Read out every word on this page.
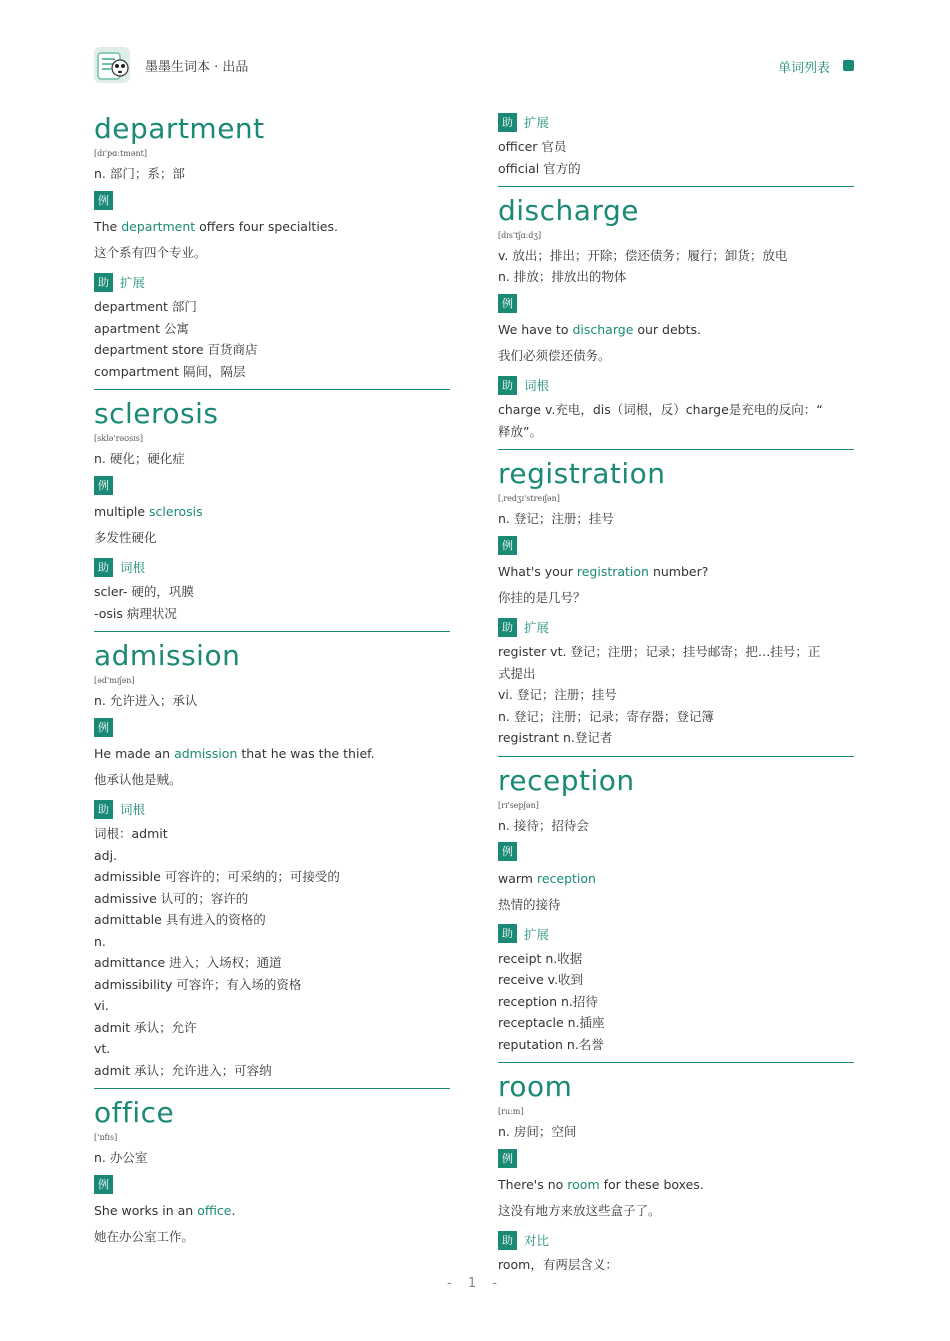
墨墨生词本 · 出品	单词列表
department
[dɪ'pɑːtmənt]
n. 部门；系；部
例
The department offers four specialties.
这个系有四个专业。
助 扩展
department 部门
apartment 公寓
department store 百货商店
compartment 隔间，隔层
sclerosis
[sklə'rəʊsɪs]
n. 硬化；硬化症
例
multiple sclerosis
多发性硬化
助 词根
scler- 硬的，巩膜
-osis 病理状况
admission
[əd'mɪʃən]
n. 允许进入；承认
例
He made an admission that he was the thief.
他承认他是贼。
助 词根
词根：admit
adj.
admissible 可容许的；可采纳的；可接受的
admissive 认可的；容许的
admittable 具有进入的资格的
n.
admittance 进入；入场权；通道
admissibility 可容许；有入场的资格
vi.
admit 承认；允许
vt.
admit 承认；允许进入；可容纳
office
['ɒfɪs]
n. 办公室
例
She works in an office.
她在办公室工作。
助 扩展
officer 官员
official 官方的
discharge
[dɪs'tʃɑːdʒ]
v. 放出；排出；开除；偿还债务；履行；卸货；放电
n. 排放；排放出的物体
例
We have to discharge our debts.
我们必须偿还债务。
助 词根
charge v.充电，dis（词根，反）charge是充电的反向：“
释放”。
registration
[ˌredʒɪ'streɪʃən]
n. 登记；注册；挂号
例
What's your registration number?
你挂的是几号？
助 扩展
register vt. 登记；注册；记录；挂号邮寄；把…挂号；正
式提出
vi. 登记；注册；挂号
n. 登记；注册；记录；寄存器；登记簿
registrant n.登记者
reception
[rɪ'sepʃən]
n. 接待；招待会
例
warm reception
热情的接待
助 扩展
receipt n.收据
receive v.收到
reception n.招待
receptacle n.插座
reputation n.名誉
room
[ruːm]
n. 房间；空间
例
There's no room for these boxes.
这没有地方来放这些盒子了。
助 对比
room，有两层含义：
- 1 -
